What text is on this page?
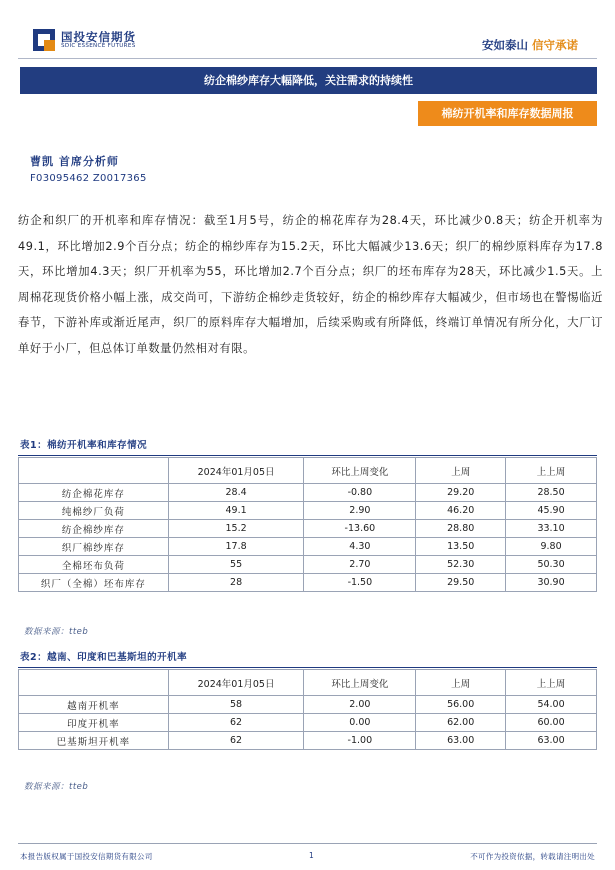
国投安信期货
SDIC ESSENCE FUTURES	安如泰山 信守承诺
纺企棉纱库存大幅降低，关注需求的持续性
棉纺开机率和库存数据周报
曹凯 首席分析师
F03095462 Z0017365
纺企和织厂的开机率和库存情况：截至1月5号，纺企的棉花库存为28.4天，环比减少0.8天；纺企开机率为49.1，环比增加2.9个百分点；纺企的棉纱库存为15.2天，环比大幅减少13.6天；织厂的棉纱原料库存为17.8天，环比增加4.3天；织厂开机率为55，环比增加2.7个百分点；织厂的坯布库存为28天，环比减少1.5天。上周棉花现货价格小幅上涨，成交尚可，下游纺企棉纱走货较好，纺企的棉纱库存大幅减少，但市场也在警惕临近春节，下游补库或渐近尾声，织厂的原料库存大幅增加，后续采购或有所降低，终端订单情况有所分化，大厂订单好于小厂，但总体订单数量仍然相对有限。
表1：棉纺开机率和库存情况
	2024年01月05日	环比上周变化	上周	上上周
纺企棉花库存	28.4	-0.80	29.20	28.50
纯棉纱厂负荷	49.1	2.90	46.20	45.90
纺企棉纱库存	15.2	-13.60	28.80	33.10
织厂棉纱库存	17.8	4.30	13.50	9.80
全棉坯布负荷	55	2.70	52.30	50.30
织厂（全棉）坯布库存	28	-1.50	29.50	30.90
数据来源：tteb
表2：越南、印度和巴基斯坦的开机率
	2024年01月05日	环比上周变化	上周	上上周
越南开机率	58	2.00	56.00	54.00
印度开机率	62	0.00	62.00	60.00
巴基斯坦开机率	62	-1.00	63.00	63.00
数据来源：tteb
本报告版权属于国投安信期货有限公司	1	不可作为投资依据，转载请注明出处
